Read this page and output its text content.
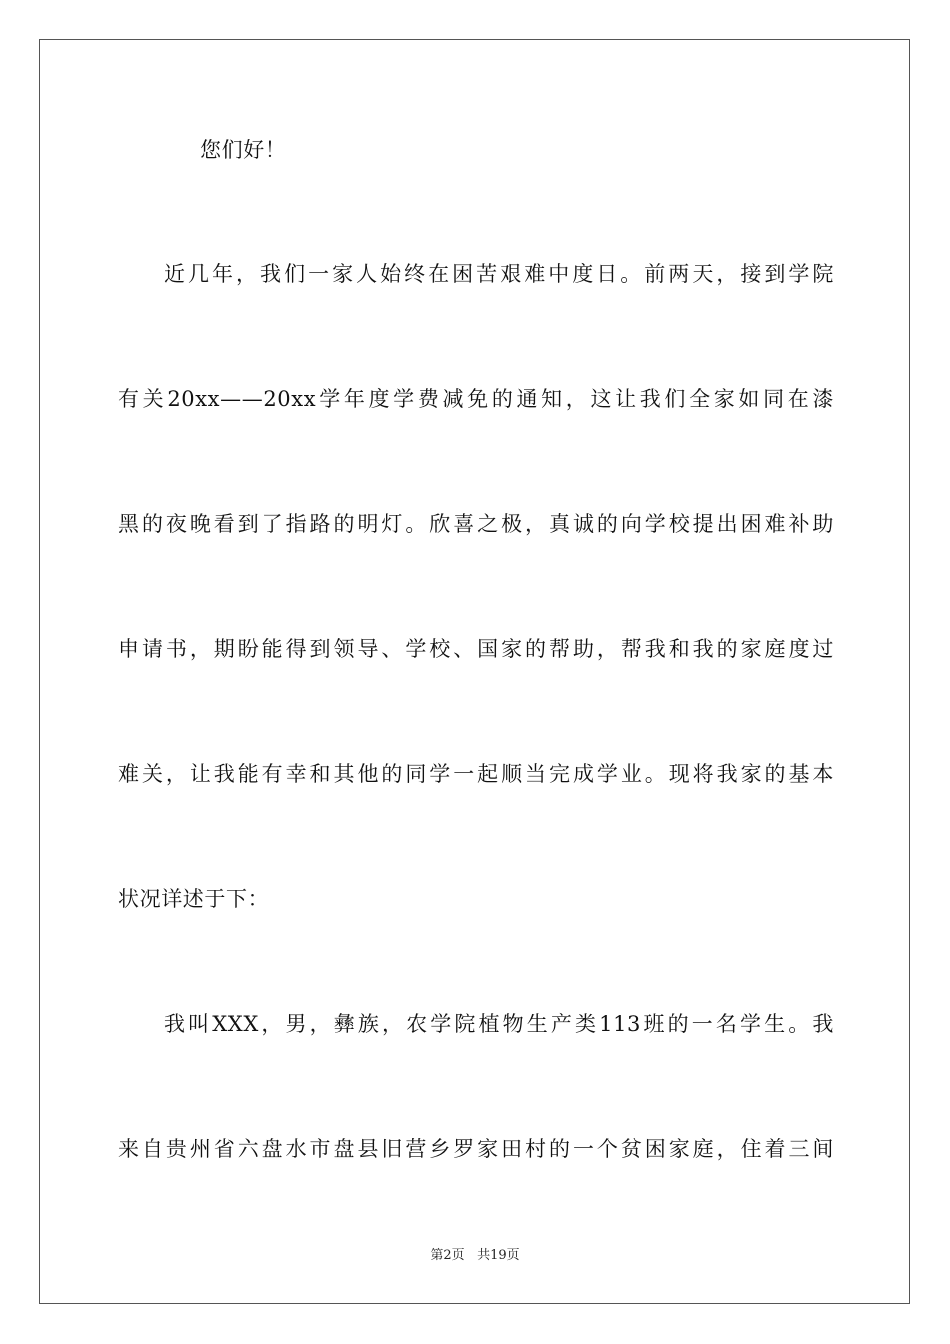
您们好！
近几年，我们一家人始终在困苦艰难中度日。前两天，接到学院
有关20xx——20xx学年度学费减免的通知，这让我们全家如同在漆
黑的夜晚看到了指路的明灯。欣喜之极，真诚的向学校提出困难补助
申请书，期盼能得到领导、学校、国家的帮助，帮我和我的家庭度过
难关，让我能有幸和其他的同学一起顺当完成学业。现将我家的基本
状况详述于下：
我叫XXX，男，彝族，农学院植物生产类113班的一名学生。我
来自贵州省六盘水市盘县旧营乡罗家田村的一个贫困家庭，住着三间
第2页 共19页
